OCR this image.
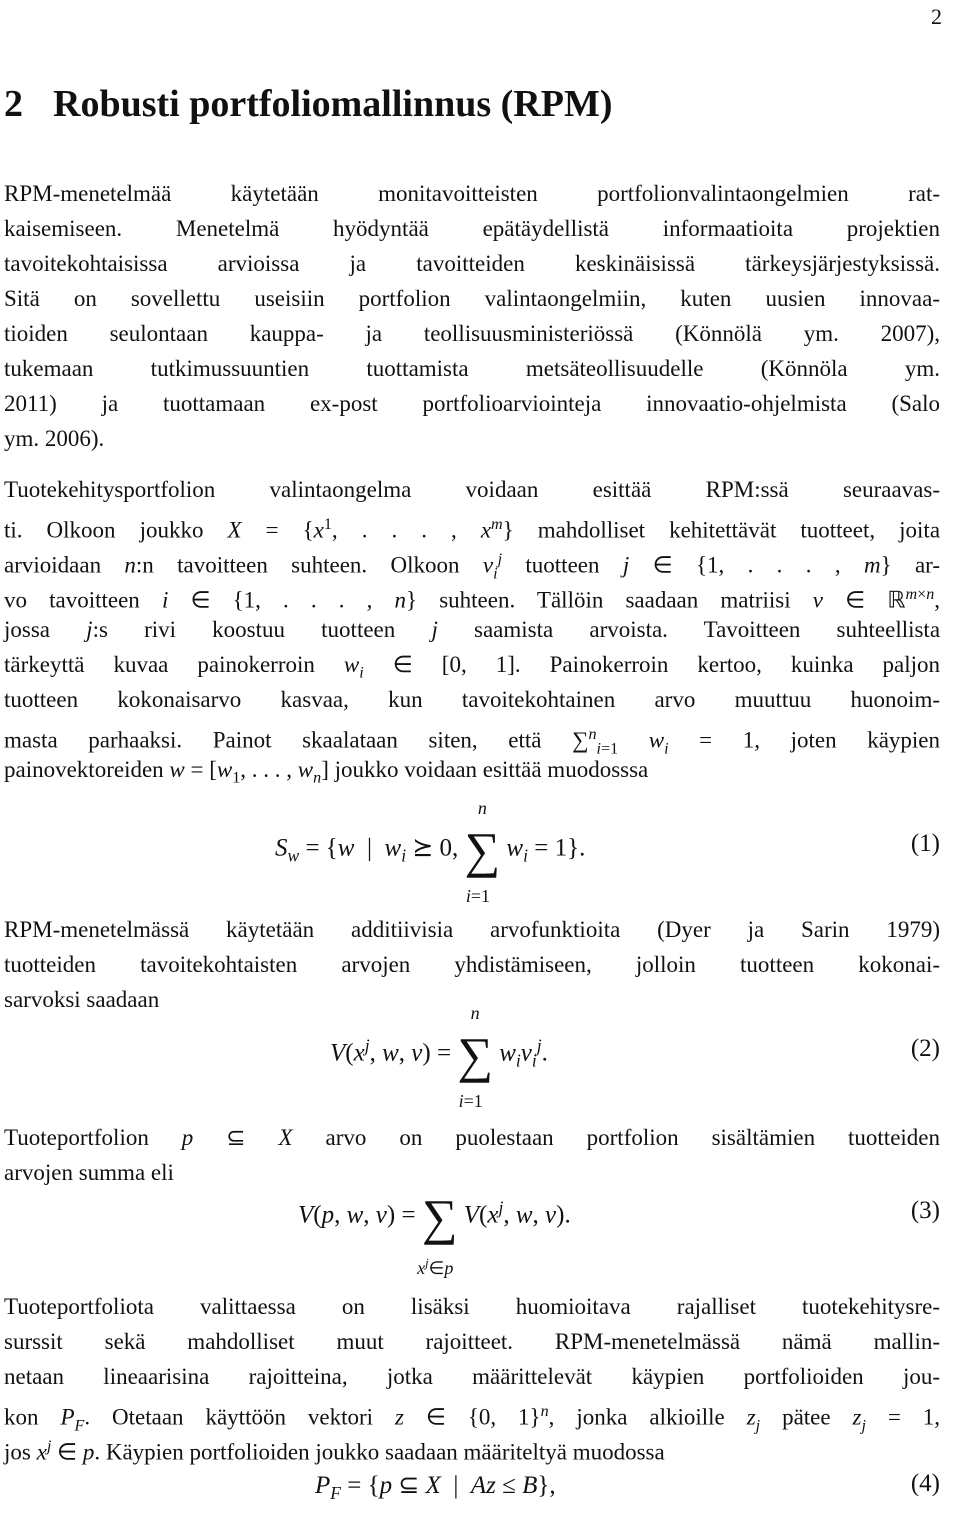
2
2 Robusti portfoliomallinnus (RPM)
RPM-menetelmää käytetään monitavoitteisten portfolionvalintaongelmien rat-
kaisemiseen. Menetelmä hyödyntää epätäydellistä informaatioita projektien
tavoitekohtaisissa arvioissa ja tavoitteiden keskinäisissä tärkeysjärjestyksissä.
Sitä on sovellettu useisiin portfolion valintaongelmiin, kuten uusien innovaa-
tioiden seulontaan kauppa- ja teollisuusministeriössä (Könnölä ym. 2007),
tukemaan tutkimussuuntien tuottamista metsäteollisuudelle (Könnöla ym.
2011) ja tuottamaan ex-post portfolioarviointeja innovaatio-ohjelmista (Salo
ym. 2006).
Tuotekehitysportfolion valintaongelma voidaan esittää RPM:ssä seuraavas-
ti. Olkoon joukko $X = \{x^1$, . . . , $x^m$} mahdolliset kehitettävät tuotteet, joita
arvioidaan n:n tavoitteen suhteen. Olkoon $v_i^j$ tuotteen j ∈ {1, . . . , m} ar-
vo tavoitteen i ∈ {1, . . . , n} suhteen. Tällöin saadaan matriisi v ∈ ℝ$^{m\times n}$,
jossa j:s rivi koostuu tuotteen j saamista arvoista. Tavoitteen suhteellista
tärkeyttä kuvaa painokerroin $w_i$ ∈ [0, 1]. Painokerroin kertoo, kuinka paljon
tuotteen kokonaisarvo kasvaa, kun tavoitekohtainen arvo muuttuu huonoim-
masta parhaaksi. Painot skaalataan siten, että ∑$^n_{i=1}$ $w_i = 1$, joten käypien
painovektoreiden $w = [w_1$, . . . , $w_n$] joukko voidaan esittää muodosssa
$S_w = \{w$  |  $w_i$ ⪰ 0, ∑
n
i=1
$w_i = 1$}.	(1)
RPM-menetelmässä käytetään additiivisia arvofunktioita (Dyer ja Sarin 1979)
tuotteiden tavoitekohtaisten arvojen yhdistämiseen, jolloin tuotteen kokonai-
sarvoksi saadaan
$V(x^j$, w, v) = ∑
n
i=1
$w_iv_i^j$.	(2)
Tuoteportfolion p ⊆ X arvo on puolestaan portfolion sisältämien tuotteiden
arvojen summa eli
V(p, w, v) = ∑
$x^j\in p$
$V(x^j$, w, v).	(3)
Tuoteportfoliota valittaessa on lisäksi huomioitava rajalliset tuotekehitysre-
surssit sekä mahdolliset muut rajoitteet. RPM-menetelmässä nämä mallin-
netaan lineaarisina rajoitteina, jotka määrittelevät käypien portfolioiden jou-
kon $P_F$. Otetaan käyttöön vektori z ∈ {0, 1}$^n$, jonka alkioille $z_j$ pätee $z_j = 1$,
jos $x^j$ ∈ p. Käypien portfolioiden joukko saadaan määriteltyä muodossa
$P_F = \{p$ ⊆ X  |  Az ≤ B},	(4)
